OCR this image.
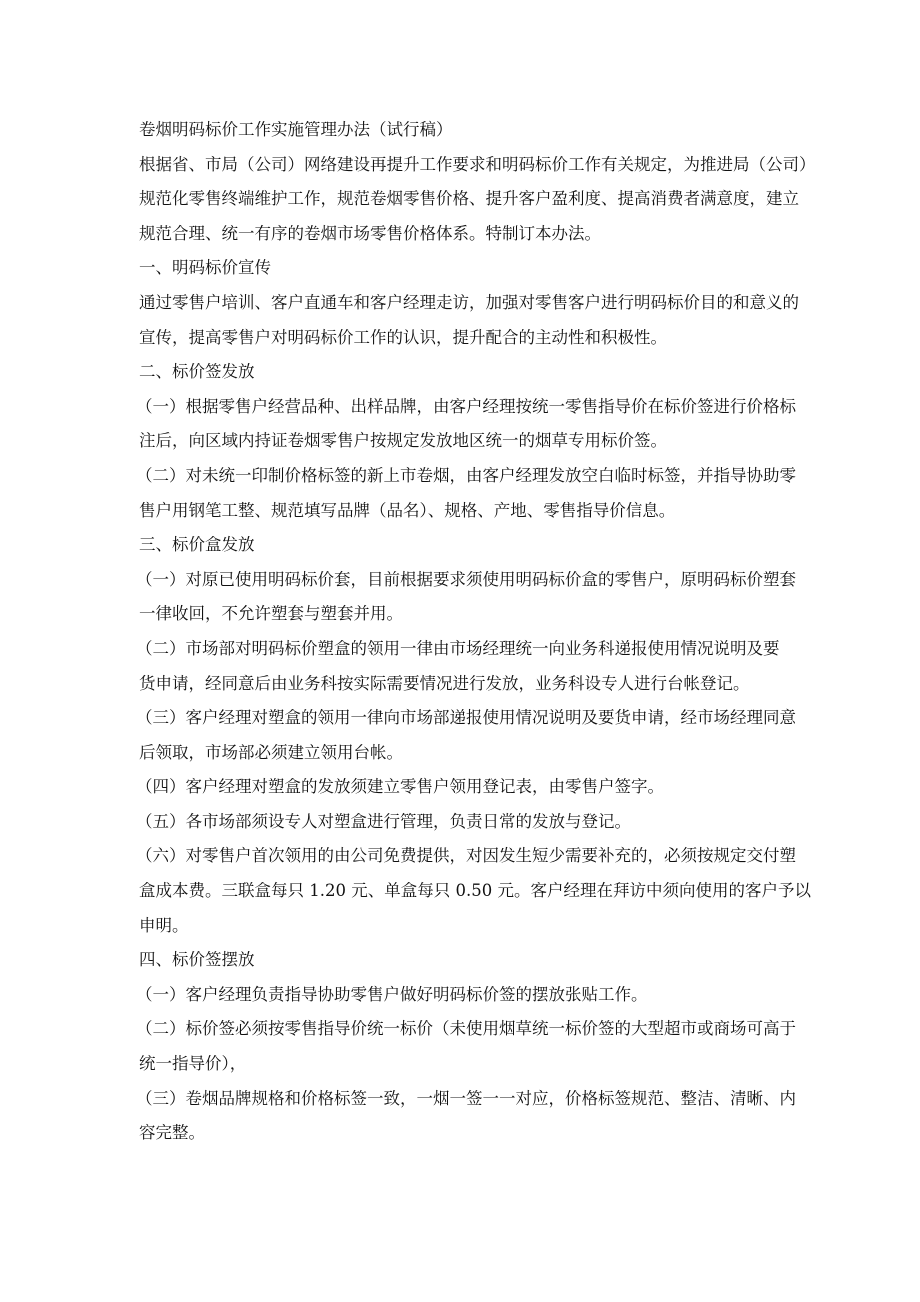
卷烟明码标价工作实施管理办法（试行稿）

根据省、市局（公司）网络建设再提升工作要求和明码标价工作有关规定，为推进局（公司）

规范化零售终端维护工作，规范卷烟零售价格、提升客户盈利度、提高消费者满意度，建立

规范合理、统一有序的卷烟市场零售价格体系。特制订本办法。

一、明码标价宣传

通过零售户培训、客户直通车和客户经理走访，加强对零售客户进行明码标价目的和意义的

宣传，提高零售户对明码标价工作的认识，提升配合的主动性和积极性。

二、标价签发放

（一）根据零售户经营品种、出样品牌，由客户经理按统一零售指导价在标价签进行价格标

注后，向区域内持证卷烟零售户按规定发放地区统一的烟草专用标价签。

（二）对未统一印制价格标签的新上市卷烟，由客户经理发放空白临时标签，并指导协助零

售户用钢笔工整、规范填写品牌（品名）、规格、产地、零售指导价信息。

三、标价盒发放

（一）对原已使用明码标价套，目前根据要求须使用明码标价盒的零售户，原明码标价塑套

一律收回，不允许塑套与塑套并用。

（二）市场部对明码标价塑盒的领用一律由市场经理统一向业务科递报使用情况说明及要

货申请，经同意后由业务科按实际需要情况进行发放，业务科设专人进行台帐登记。

（三）客户经理对塑盒的领用一律向市场部递报使用情况说明及要货申请，经市场经理同意

后领取，市场部必须建立领用台帐。

（四）客户经理对塑盒的发放须建立零售户领用登记表，由零售户签字。

（五）各市场部须设专人对塑盒进行管理，负责日常的发放与登记。

（六）对零售户首次领用的由公司免费提供，对因发生短少需要补充的，必须按规定交付塑

盒成本费。三联盒每只 1.20 元、单盒每只 0.50 元。客户经理在拜访中须向使用的客户予以

申明。

四、标价签摆放

（一）客户经理负责指导协助零售户做好明码标价签的摆放张贴工作。

（二）标价签必须按零售指导价统一标价（未使用烟草统一标价签的大型超市或商场可高于

统一指导价），

（三）卷烟品牌规格和价格标签一致，一烟一签一一对应，价格标签规范、整洁、清晰、内

容完整。
